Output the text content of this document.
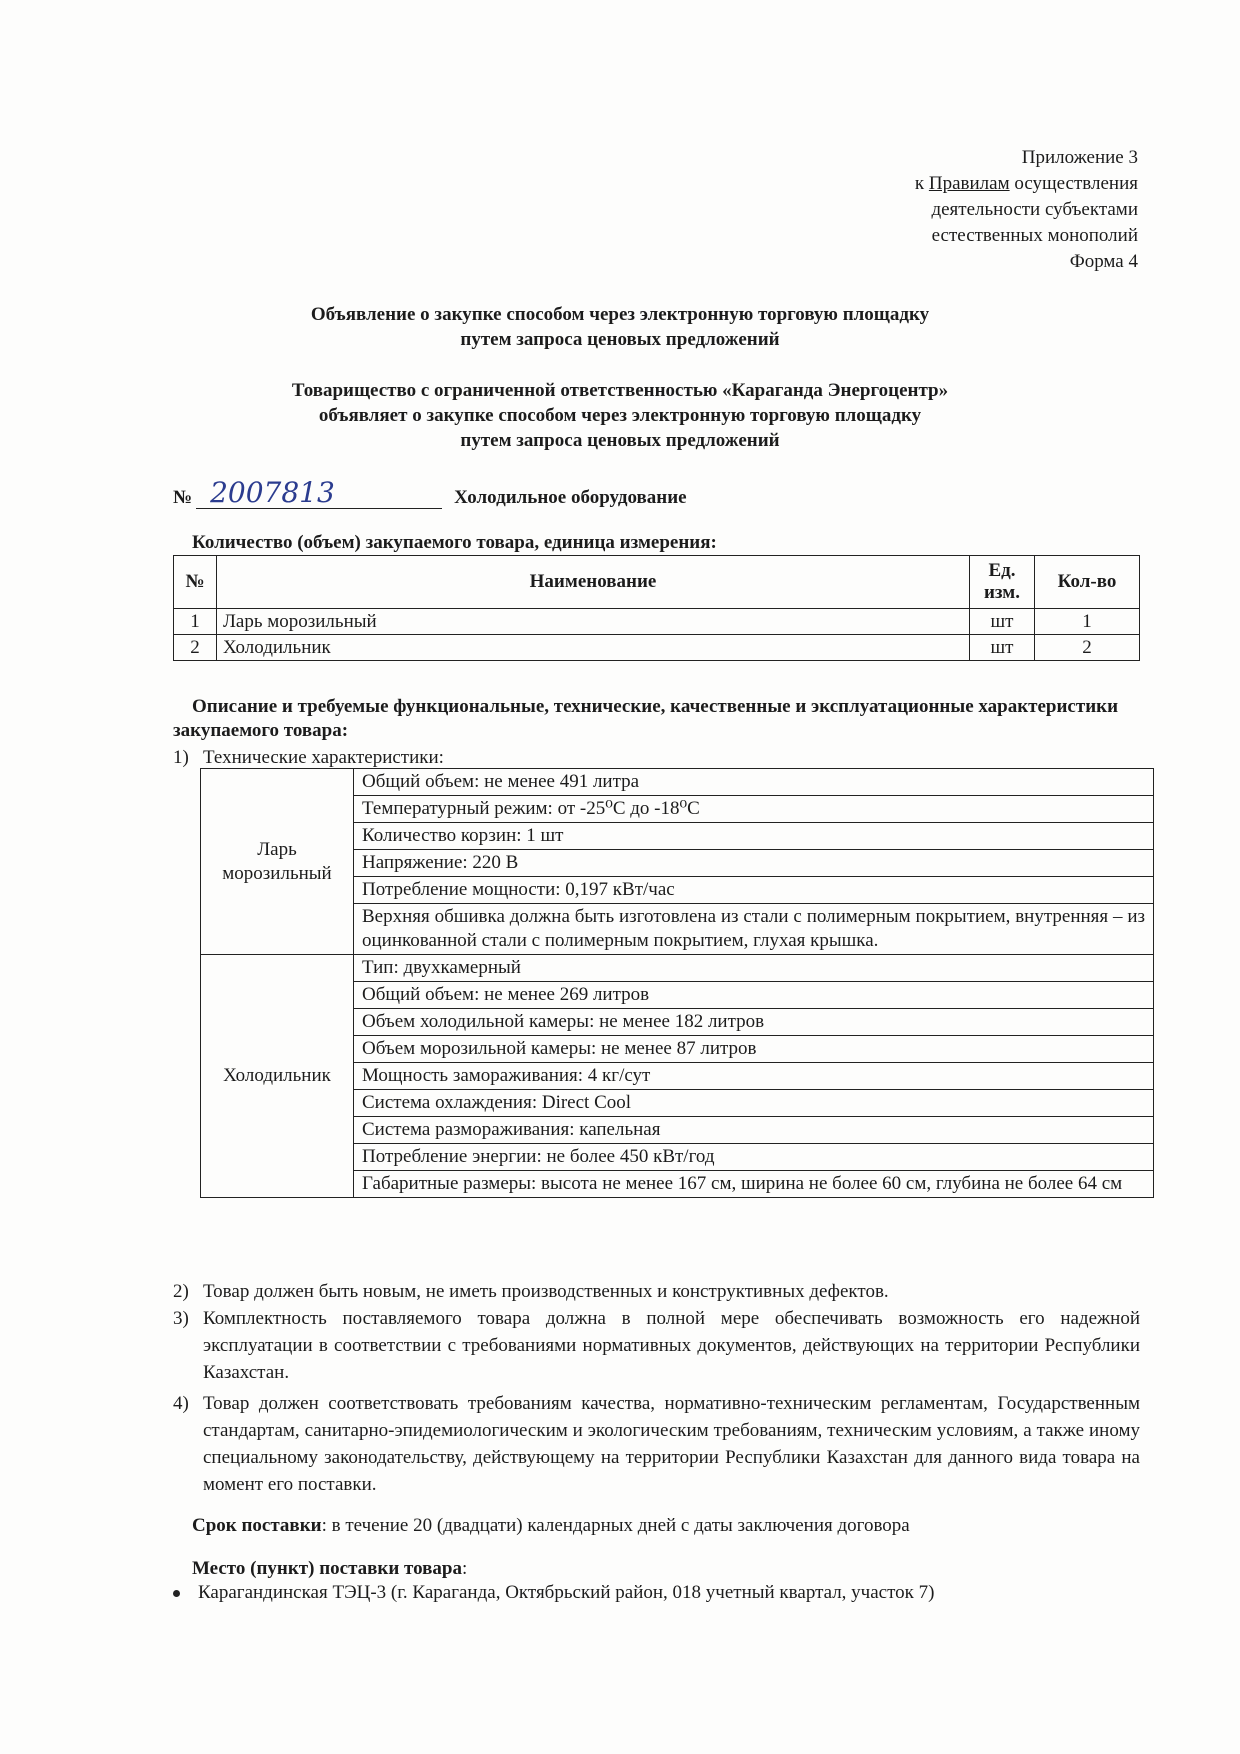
Приложение 3
к Правилам осуществления
деятельности субъектами
естественных монополий
Форма 4
Объявление о закупке способом через электронную торговую площадку
путем запроса ценовых предложений
Товарищество с ограниченной ответственностью «Караганда Энергоцентр»
объявляет о закупке способом через электронную торговую площадку
путем запроса ценовых предложений
№ 2007813	Холодильное оборудование
Количество (объем) закупаемого товара, единица измерения:
№	Наименование	Ед. изм.	Кол-во
1	Ларь морозильный	шт	1
2	Холодильник	шт	2
Описание и требуемые функциональные, технические, качественные и эксплуатационные характеристики закупаемого товара:
1) Технические характеристики:
Ларь морозильный	Общий объем: не менее 491 литра
	Температурный режим: от -25⁰С до -18⁰С
	Количество корзин: 1 шт
	Напряжение: 220 В
	Потребление мощности: 0,197 кВт/час
	Верхняя обшивка должна быть изготовлена из стали с полимерным покрытием, внутренняя – из оцинкованной стали с полимерным покрытием, глухая крышка.
Холодильник	Тип: двухкамерный
	Общий объем: не менее 269 литров
	Объем холодильной камеры: не менее 182 литров
	Объем морозильной камеры: не менее 87 литров
	Мощность замораживания: 4 кг/сут
	Система охлаждения: Direct Cool
	Система размораживания: капельная
	Потребление энергии: не более 450 кВт/год
	Габаритные размеры: высота не менее 167 см, ширина не более 60 см, глубина не более 64 см
2) Товар должен быть новым, не иметь производственных и конструктивных дефектов.
3) Комплектность поставляемого товара должна в полной мере обеспечивать возможность его надежной эксплуатации в соответствии с требованиями нормативных документов, действующих на территории Республики Казахстан.
4) Товар должен соответствовать требованиям качества, нормативно-техническим регламентам, Государственным стандартам, санитарно-эпидемиологическим и экологическим требованиям, техническим условиям, а также иному специальному законодательству, действующему на территории Республики Казахстан для данного вида товара на момент его поставки.
Срок поставки: в течение 20 (двадцати) календарных дней с даты заключения договора
Место (пункт) поставки товара:
Карагандинская ТЭЦ-3 (г. Караганда, Октябрьский район, 018 учетный квартал, участок 7)
